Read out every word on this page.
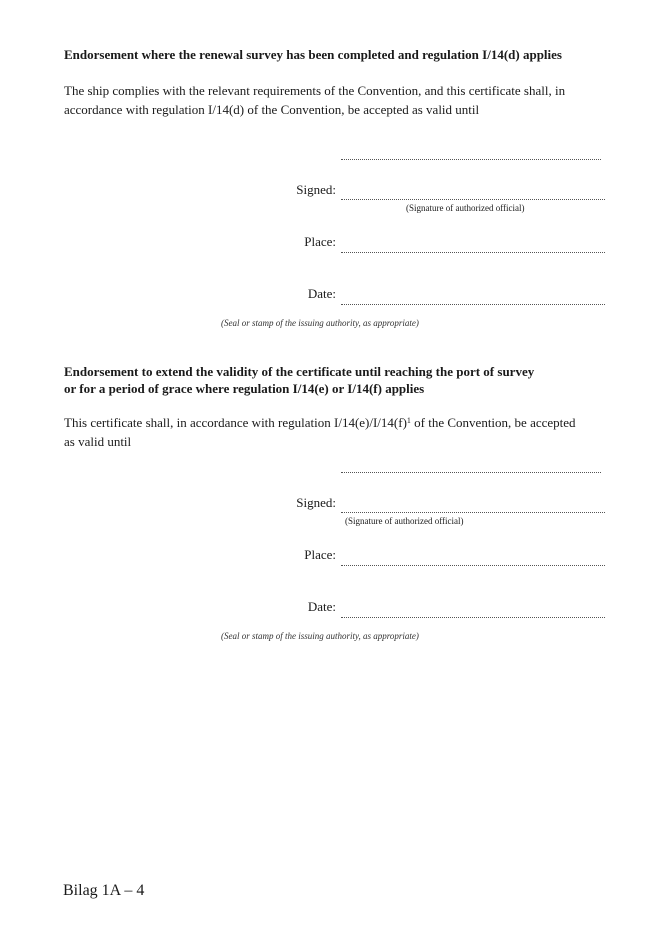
Endorsement where the renewal survey has been completed and regulation I/14(d) applies
The ship complies with the relevant requirements of the Convention, and this certificate shall, in
accordance with regulation I/14(d) of the Convention, be accepted as valid until
Signed:
(Signature of authorized official)
Place:
Date:
(Seal or stamp of the issuing authority, as appropriate)
Endorsement to extend the validity of the certificate until reaching the port of survey
or for a period of grace where regulation I/14(e) or I/14(f) applies
This certificate shall, in accordance with regulation $I/14(e)/I/14(f)^1$ of the Convention, be accepted
as valid until
Signed:
(Signature of authorized official)
Place:
Date:
(Seal or stamp of the issuing authority, as appropriate)
Bilag 1A – 4
